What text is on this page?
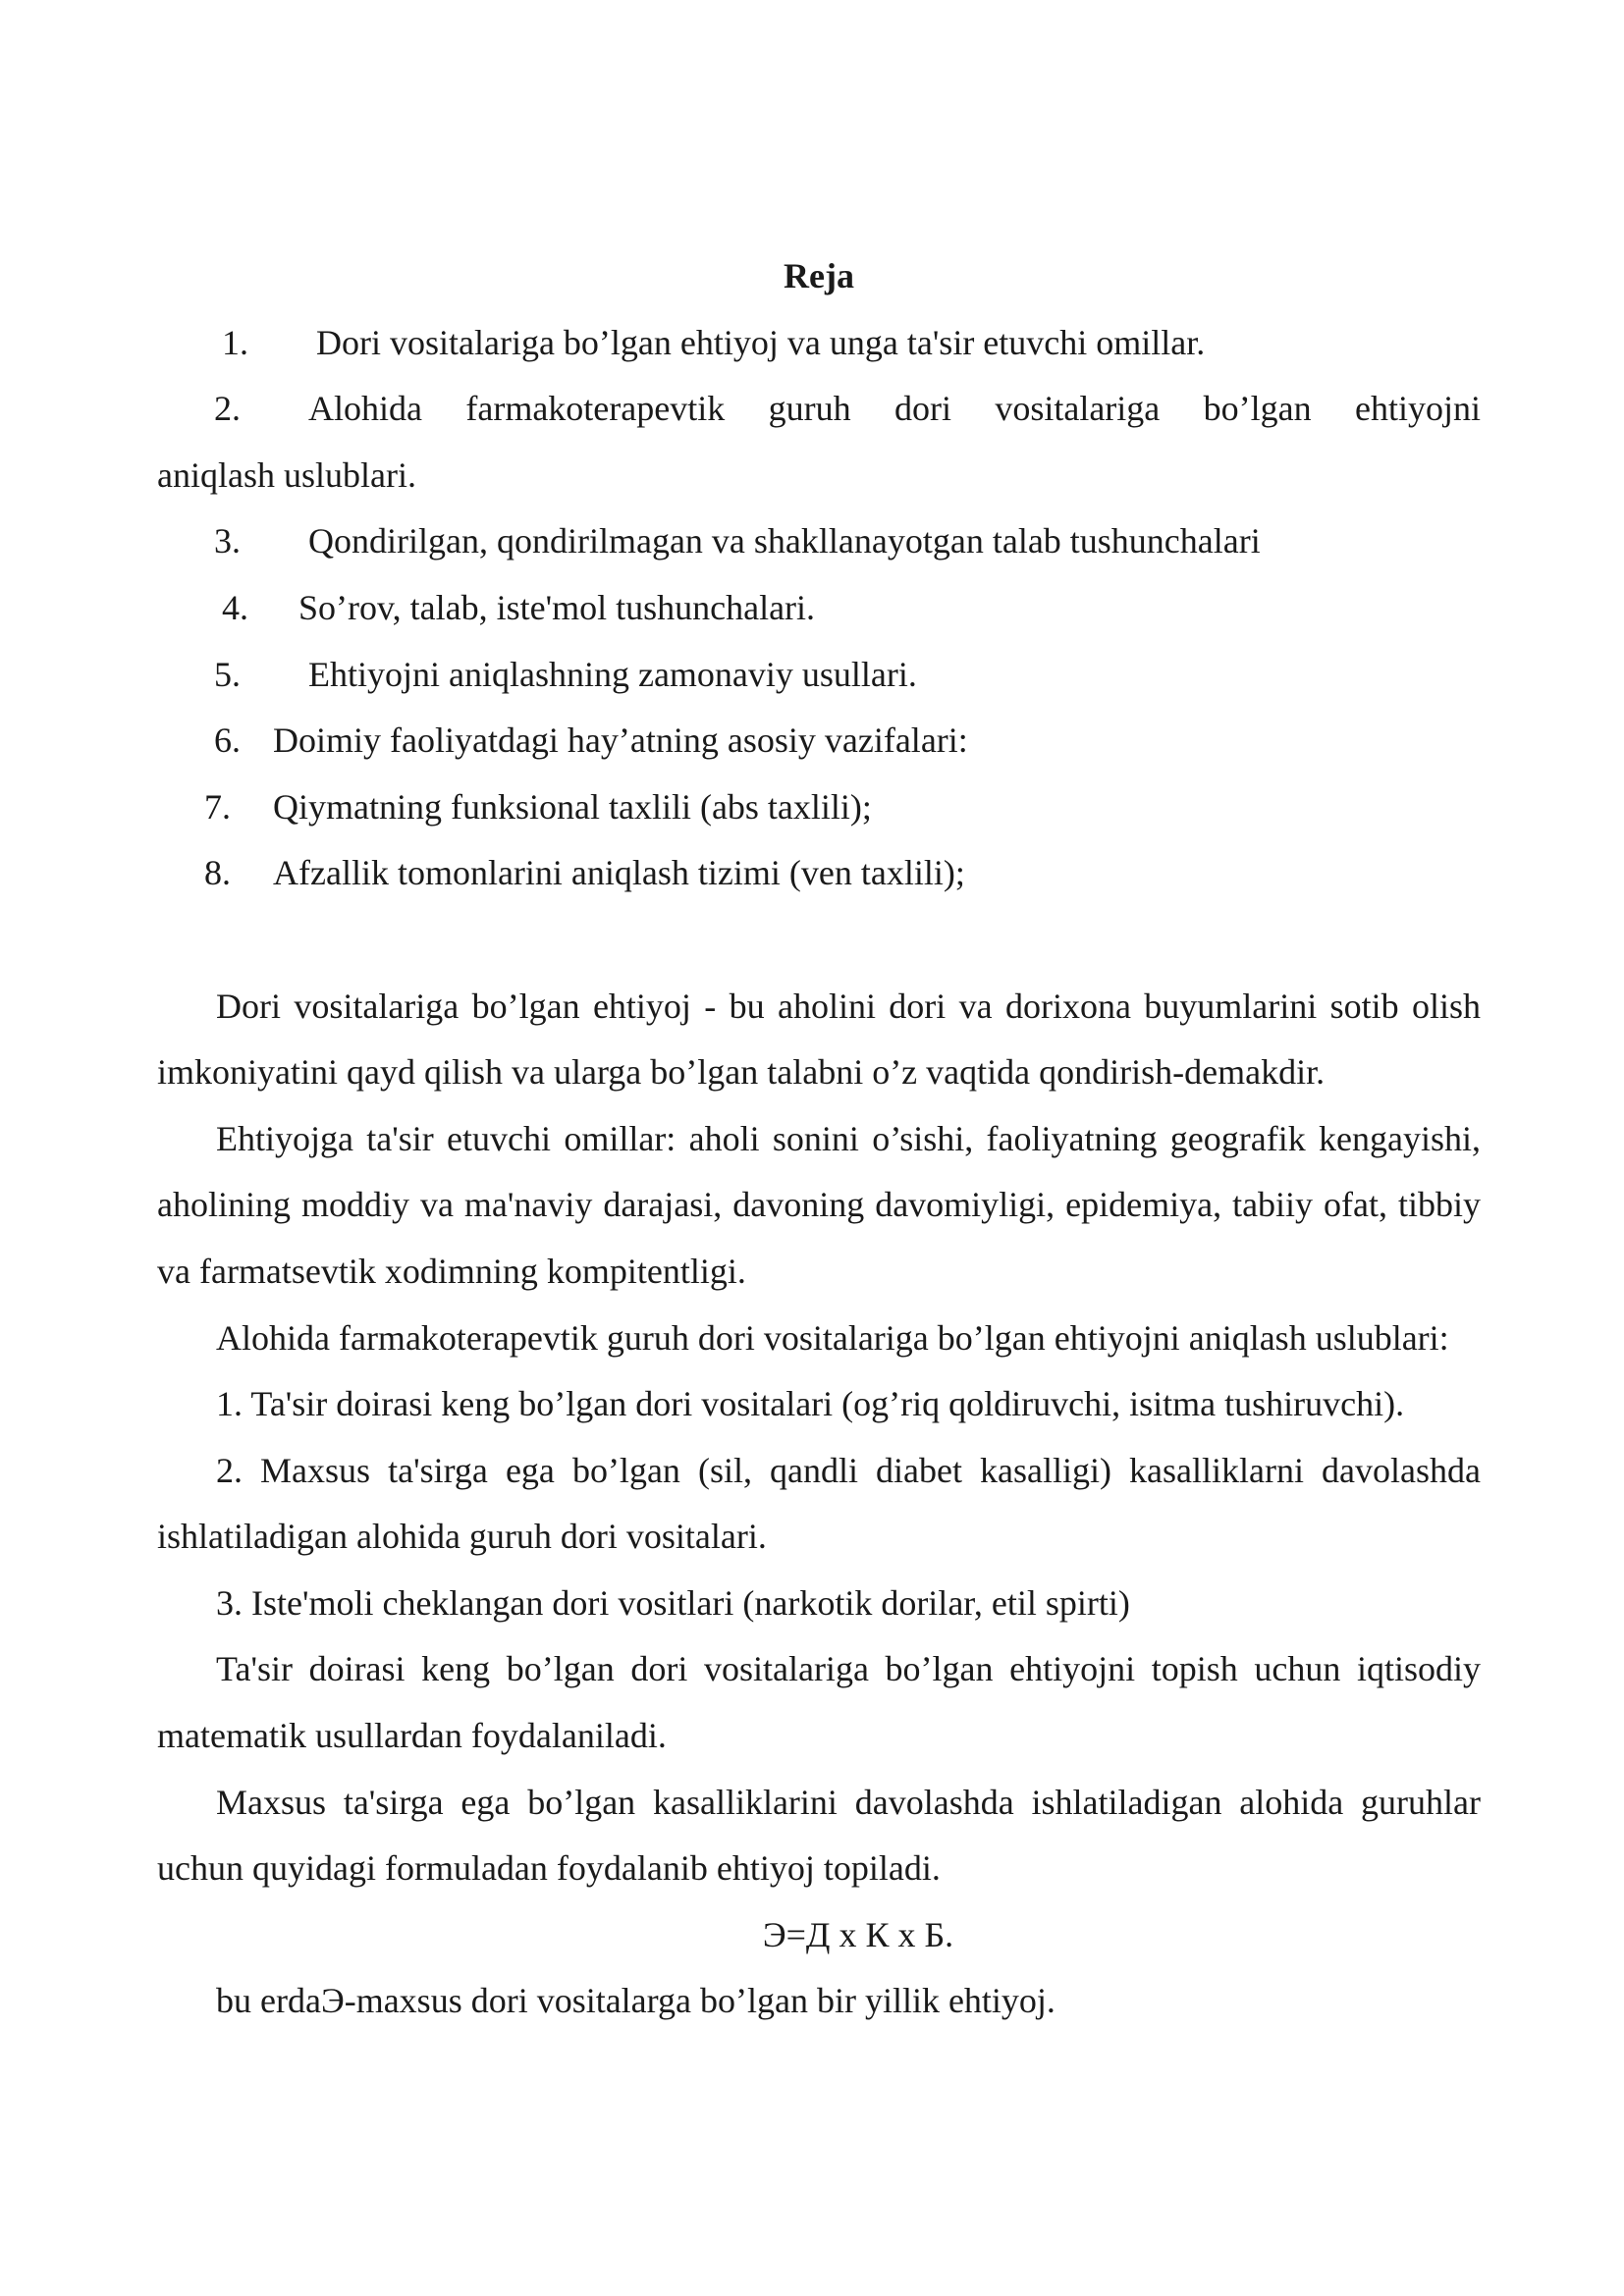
Reja
1. Dori vositalariga bo’lgan ehtiyoj va unga ta'sir etuvchi omillar.
2. Alohida farmakoterapevtik guruh dori vositalariga bo’lgan ehtiyojni
aniqlash uslublari.
3. Qondirilgan, qondirilmagan va shakllanayotgan talab tushunchalari
4. So’rov, talab, iste'mol tushunchalari.
5. Ehtiyojni aniqlashning zamonaviy usullari.
6. Doimiy faoliyatdagi hay’atning asosiy vazifalari:
7. Qiymatning funksional taxlili (abs taxlili);
8. Afzallik tomonlarini aniqlash tizimi (ven taxlili);

Dori vositalariga bo’lgan ehtiyoj - bu aholini dori va dorixona buyumlarini sotib olish imkoniyatini qayd qilish va ularga bo’lgan talabni o’z vaqtida qondirish-demakdir.

Ehtiyojga ta'sir etuvchi omillar: aholi sonini o’sishi, faoliyatning geografik kengayishi, aholining moddiy va ma'naviy darajasi, davoning davomiyligi, epidemiya, tabiiy ofat, tibbiy va farmatsevtik xodimning kompitentligi.

Alohida farmakoterapevtik guruh dori vositalariga bo’lgan ehtiyojni aniqlash uslublari:

1. Ta'sir doirasi keng bo’lgan dori vositalari (og’riq qoldiruvchi, isitma tushiruvchi).

2. Maxsus ta'sirga ega bo’lgan (sil, qandli diabet kasalligi) kasalliklarni davolashda ishlatiladigan alohida guruh dori vositalari.

3. Iste'moli cheklangan dori vositlari (narkotik dorilar, etil spirti)

Ta'sir doirasi keng bo’lgan dori vositalariga bo’lgan ehtiyojni topish uchun iqtisodiy matematik usullardan foydalaniladi.

Maxsus ta'sirga ega bo’lgan kasalliklarini davolashda ishlatiladigan alohida guruhlar uchun quyidagi formuladan foydalanib ehtiyoj topiladi.

Э=Д х К х Б.

bu erdaЭ-maxsus dori vositalarga bo’lgan bir yillik ehtiyoj.
